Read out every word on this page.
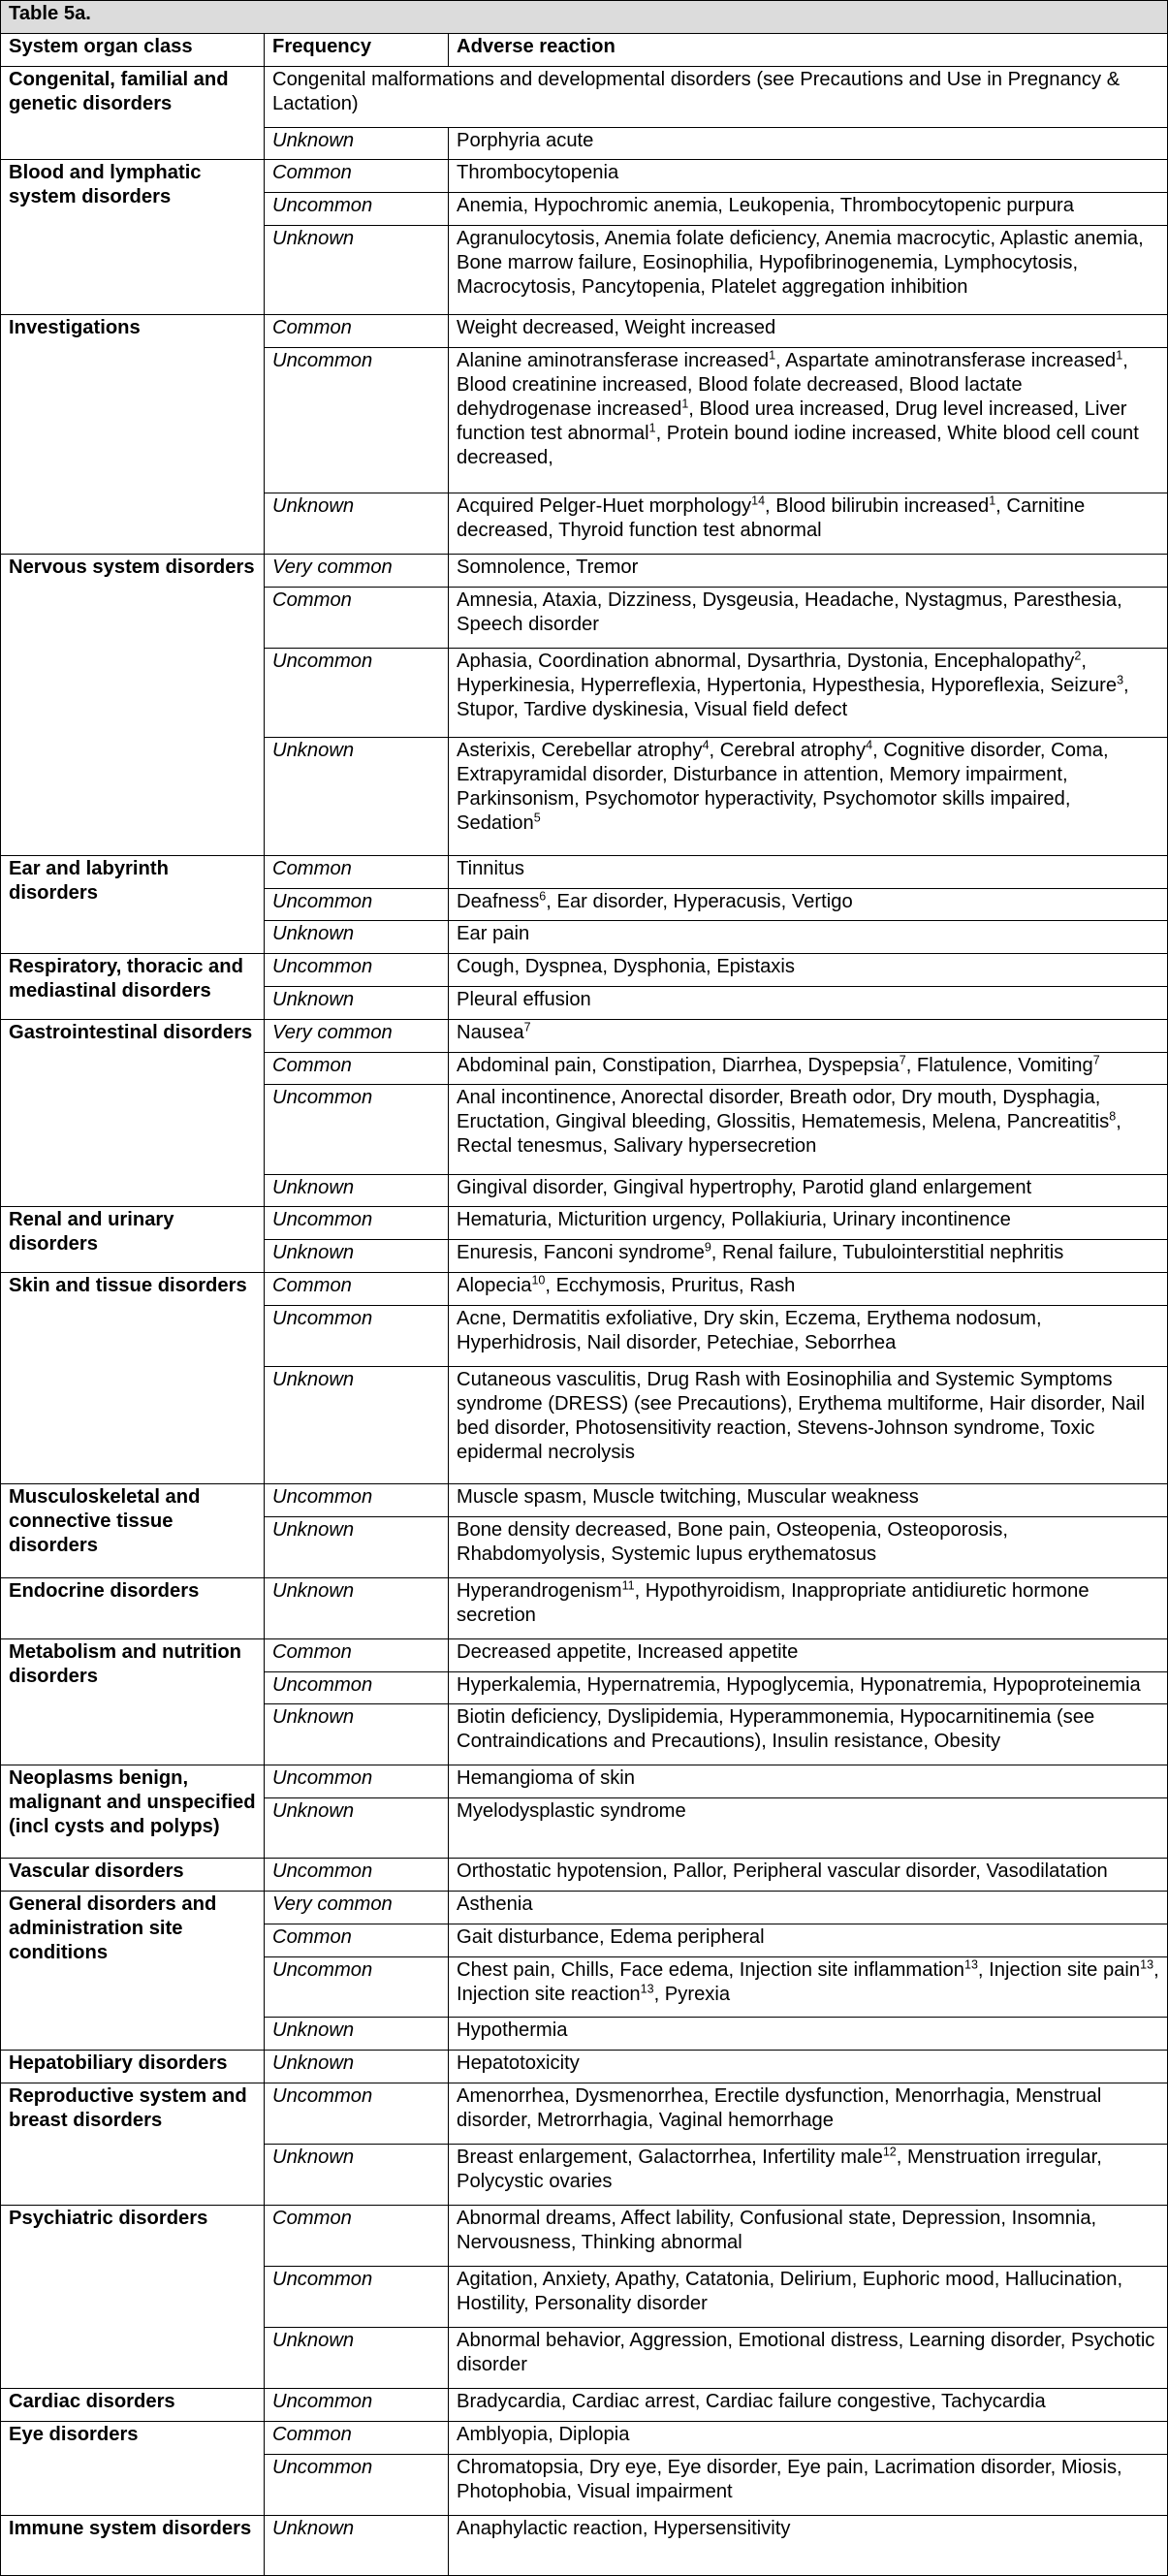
Table 5a.		
System organ class	Frequency	Adverse reaction
Congenital, familial and genetic disorders	Congenital malformations and developmental disorders (see Precautions and Use in Pregnancy & Lactation)	
	Unknown	Porphyria acute
Blood and lymphatic system disorders	Common	Thrombocytopenia
	Uncommon	Anemia, Hypochromic anemia, Leukopenia, Thrombocytopenic purpura
	Unknown	Agranulocytosis, Anemia folate deficiency, Anemia macrocytic, Aplastic anemia, Bone marrow failure, Eosinophilia, Hypofibrinogenemia, Lymphocytosis, Macrocytosis, Pancytopenia, Platelet aggregation inhibition
Investigations	Common	Weight decreased, Weight increased
	Uncommon	Alanine aminotransferase increased$^1$, Aspartate aminotransferase increased$^1$, Blood creatinine increased, Blood folate decreased, Blood lactate dehydrogenase increased$^1$, Blood urea increased, Drug level increased, Liver function test abnormal$^1$, Protein bound iodine increased, White blood cell count decreased,
	Unknown	Acquired Pelger-Huet morphology$^{14}$, Blood bilirubin increased$^1$, Carnitine decreased, Thyroid function test abnormal
Nervous system disorders	Very common	Somnolence, Tremor
	Common	Amnesia, Ataxia, Dizziness, Dysgeusia, Headache, Nystagmus, Paresthesia, Speech disorder
	Uncommon	Aphasia, Coordination abnormal, Dysarthria, Dystonia, Encephalopathy$^2$, Hyperkinesia, Hyperreflexia, Hypertonia, Hypesthesia, Hyporeflexia, Seizure$^3$, Stupor, Tardive dyskinesia, Visual field defect
	Unknown	Asterixis, Cerebellar atrophy$^4$, Cerebral atrophy$^4$, Cognitive disorder, Coma, Extrapyramidal disorder, Disturbance in attention, Memory impairment, Parkinsonism, Psychomotor hyperactivity, Psychomotor skills impaired, Sedation$^5$
Ear and labyrinth disorders	Common	Tinnitus
	Uncommon	Deafness$^6$, Ear disorder, Hyperacusis, Vertigo
	Unknown	Ear pain
Respiratory, thoracic and mediastinal disorders	Uncommon	Cough, Dyspnea, Dysphonia, Epistaxis
	Unknown	Pleural effusion
Gastrointestinal disorders	Very common	Nausea$^7$
	Common	Abdominal pain, Constipation, Diarrhea, Dyspepsia$^7$, Flatulence, Vomiting$^7$
	Uncommon	Anal incontinence, Anorectal disorder, Breath odor, Dry mouth, Dysphagia, Eructation, Gingival bleeding, Glossitis, Hematemesis, Melena, Pancreatitis$^8$, Rectal tenesmus, Salivary hypersecretion
	Unknown	Gingival disorder, Gingival hypertrophy, Parotid gland enlargement
Renal and urinary disorders	Uncommon	Hematuria, Micturition urgency, Pollakiuria, Urinary incontinence
	Unknown	Enuresis, Fanconi syndrome$^9$, Renal failure, Tubulointerstitial nephritis
Skin and tissue disorders	Common	Alopecia$^{10}$, Ecchymosis, Pruritus, Rash
	Uncommon	Acne, Dermatitis exfoliative, Dry skin, Eczema, Erythema nodosum, Hyperhidrosis, Nail disorder, Petechiae, Seborrhea
	Unknown	Cutaneous vasculitis, Drug Rash with Eosinophilia and Systemic Symptoms syndrome (DRESS) (see Precautions), Erythema multiforme, Hair disorder, Nail bed disorder, Photosensitivity reaction, Stevens-Johnson syndrome, Toxic epidermal necrolysis
Musculoskeletal and connective tissue disorders	Uncommon	Muscle spasm, Muscle twitching, Muscular weakness
	Unknown	Bone density decreased, Bone pain, Osteopenia, Osteoporosis, Rhabdomyolysis, Systemic lupus erythematosus
Endocrine disorders	Unknown	Hyperandrogenism$^{11}$, Hypothyroidism, Inappropriate antidiuretic hormone secretion
Metabolism and nutrition disorders	Common	Decreased appetite, Increased appetite
	Uncommon	Hyperkalemia, Hypernatremia, Hypoglycemia, Hyponatremia, Hypoproteinemia
	Unknown	Biotin deficiency, Dyslipidemia, Hyperammonemia, Hypocarnitinemia (see Contraindications and Precautions), Insulin resistance, Obesity
Neoplasms benign, malignant and unspecified (incl cysts and polyps)	Uncommon	Hemangioma of skin
	Unknown	Myelodysplastic syndrome
Vascular disorders	Uncommon	Orthostatic hypotension, Pallor, Peripheral vascular disorder, Vasodilatation
General disorders and administration site conditions	Very common	Asthenia
	Common	Gait disturbance, Edema peripheral
	Uncommon	Chest pain, Chills, Face edema, Injection site inflammation$^{13}$, Injection site pain$^{13}$, Injection site reaction$^{13}$, Pyrexia
	Unknown	Hypothermia
Hepatobiliary disorders	Unknown	Hepatotoxicity
Reproductive system and breast disorders	Uncommon	Amenorrhea, Dysmenorrhea, Erectile dysfunction, Menorrhagia, Menstrual disorder, Metrorrhagia, Vaginal hemorrhage
	Unknown	Breast enlargement, Galactorrhea, Infertility male$^{12}$, Menstruation irregular, Polycystic ovaries
Psychiatric disorders	Common	Abnormal dreams, Affect lability, Confusional state, Depression, Insomnia, Nervousness, Thinking abnormal
	Uncommon	Agitation, Anxiety, Apathy, Catatonia, Delirium, Euphoric mood, Hallucination, Hostility, Personality disorder
	Unknown	Abnormal behavior, Aggression, Emotional distress, Learning disorder, Psychotic disorder
Cardiac disorders	Uncommon	Bradycardia, Cardiac arrest, Cardiac failure congestive, Tachycardia
Eye disorders	Common	Amblyopia, Diplopia
	Uncommon	Chromatopsia, Dry eye, Eye disorder, Eye pain, Lacrimation disorder, Miosis, Photophobia, Visual impairment
Immune system disorders	Unknown	Anaphylactic reaction, Hypersensitivity
